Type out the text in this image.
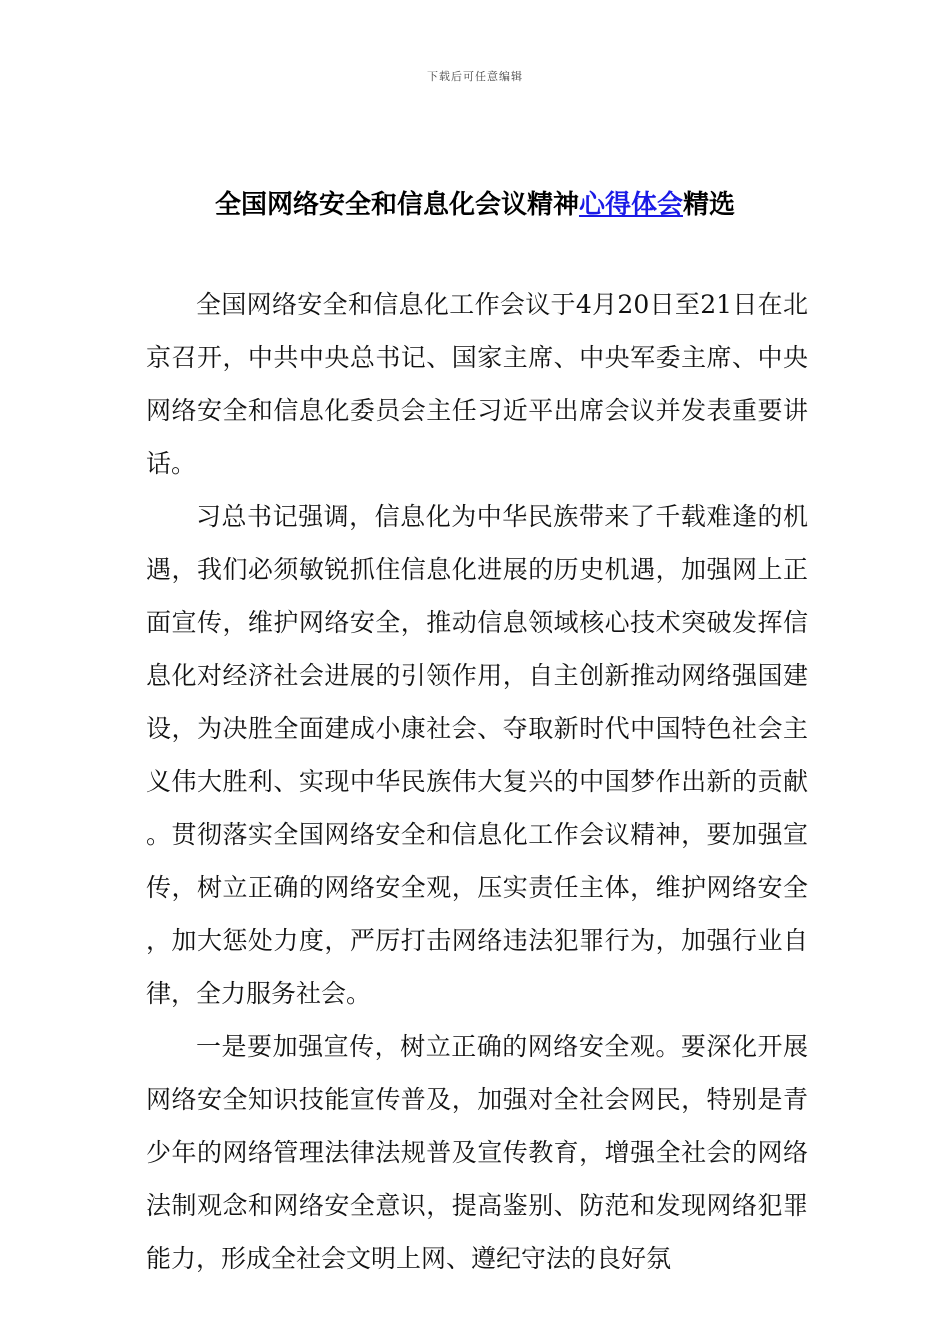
下载后可任意编辑
全国网络安全和信息化会议精神心得体会精选

全国网络安全和信息化工作会议于4月20日至21日在北京召开，中共中央总书记、国家主席、中央军委主席、中央网络安全和信息化委员会主任习近平出席会议并发表重要讲话。

习总书记强调，信息化为中华民族带来了千载难逢的机遇，我们必须敏锐抓住信息化进展的历史机遇，加强网上正面宣传，维护网络安全，推动信息领域核心技术突破发挥信息化对经济社会进展的引领作用，自主创新推动网络强国建设，为决胜全面建成小康社会、夺取新时代中国特色社会主义伟大胜利、实现中华民族伟大复兴的中国梦作出新的贡献。贯彻落实全国网络安全和信息化工作会议精神，要加强宣传，树立正确的网络安全观，压实责任主体，维护网络安全，加大惩处力度，严厉打击网络违法犯罪行为，加强行业自律，全力服务社会。

一是要加强宣传，树立正确的网络安全观。要深化开展网络安全知识技能宣传普及，加强对全社会网民，特别是青少年的网络管理法律法规普及宣传教育，增强全社会的网络法制观念和网络安全意识，提高鉴别、防范和发现网络犯罪能力，形成全社会文明上网、遵纪守法的良好氛
